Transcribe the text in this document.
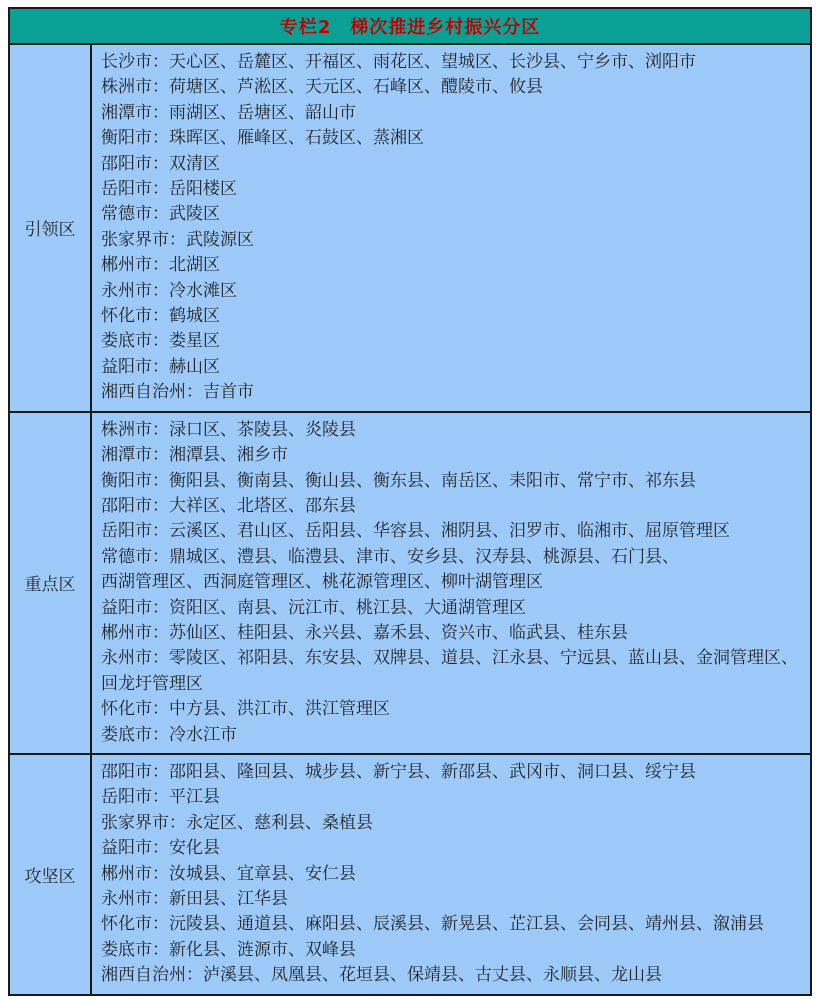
专栏2　梯次推进乡村振兴分区
引领区
长沙市：天心区、岳麓区、开福区、雨花区、望城区、长沙县、宁乡市、浏阳市
株洲市：荷塘区、芦淞区、天元区、石峰区、醴陵市、攸县
湘潭市：雨湖区、岳塘区、韶山市
衡阳市：珠晖区、雁峰区、石鼓区、蒸湘区
邵阳市：双清区
岳阳市：岳阳楼区
常德市：武陵区
张家界市：武陵源区
郴州市：北湖区
永州市：冷水滩区
怀化市：鹤城区
娄底市：娄星区
益阳市：赫山区
湘西自治州：吉首市
重点区
株洲市：渌口区、茶陵县、炎陵县
湘潭市：湘潭县、湘乡市
衡阳市：衡阳县、衡南县、衡山县、衡东县、南岳区、耒阳市、常宁市、祁东县
邵阳市：大祥区、北塔区、邵东县
岳阳市：云溪区、君山区、岳阳县、华容县、湘阴县、汨罗市、临湘市、屈原管理区
常德市：鼎城区、澧县、临澧县、津市、安乡县、汉寿县、桃源县、石门县、
西湖管理区、西洞庭管理区、桃花源管理区、柳叶湖管理区
益阳市：资阳区、南县、沅江市、桃江县、大通湖管理区
郴州市：苏仙区、桂阳县、永兴县、嘉禾县、资兴市、临武县、桂东县
永州市：零陵区、祁阳县、东安县、双牌县、道县、江永县、宁远县、蓝山县、金洞管理区、
回龙圩管理区
怀化市：中方县、洪江市、洪江管理区
娄底市：冷水江市
攻坚区
邵阳市：邵阳县、隆回县、城步县、新宁县、新邵县、武冈市、洞口县、绥宁县
岳阳市：平江县
张家界市：永定区、慈利县、桑植县
益阳市：安化县
郴州市：汝城县、宜章县、安仁县
永州市：新田县、江华县
怀化市：沅陵县、通道县、麻阳县、辰溪县、新晃县、芷江县、会同县、靖州县、溆浦县
娄底市：新化县、涟源市、双峰县
湘西自治州：泸溪县、凤凰县、花垣县、保靖县、古丈县、永顺县、龙山县
